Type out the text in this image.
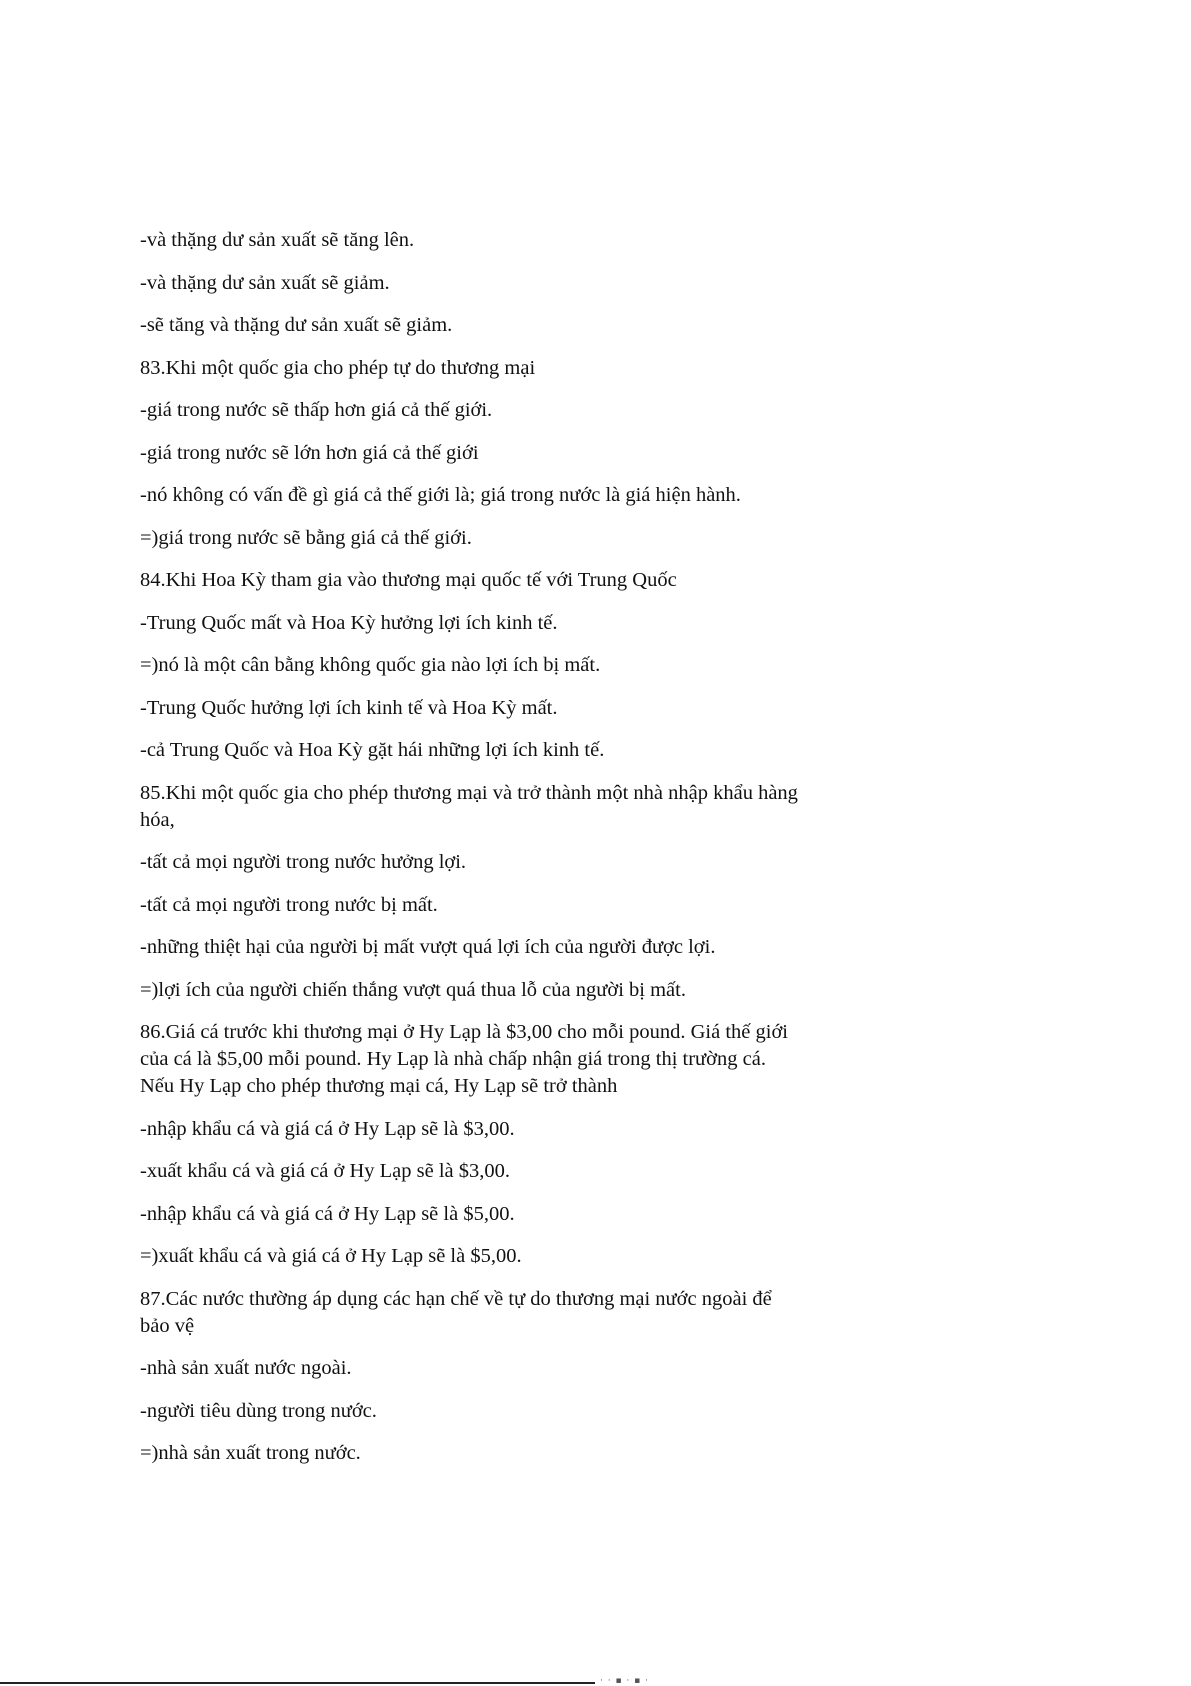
-và thặng dư sản xuất sẽ tăng lên.

-và thặng dư sản xuất sẽ giảm.

-sẽ tăng và thặng dư sản xuất sẽ giảm.

83.Khi một quốc gia cho phép tự do thương mại

-giá trong nước sẽ thấp hơn giá cả thế giới.

-giá trong nước sẽ lớn hơn giá cả thế giới

-nó không có vấn đề gì giá cả thế giới là; giá trong nước là giá hiện hành.

=)giá trong nước sẽ bằng giá cả thế giới.

84.Khi Hoa Kỳ tham gia vào thương mại quốc tế với Trung Quốc

-Trung Quốc mất và Hoa Kỳ hưởng lợi ích kinh tế.

=)nó là một cân bằng không quốc gia nào lợi ích bị mất.

-Trung Quốc hưởng lợi ích kinh tế và Hoa Kỳ mất.

-cả Trung Quốc và Hoa Kỳ gặt hái những lợi ích kinh tế.

85.Khi một quốc gia cho phép thương mại và trở thành một nhà nhập khẩu hàng hóa,

-tất cả mọi người trong nước hưởng lợi.

-tất cả mọi người trong nước bị mất.

-những thiệt hại của người bị mất vượt quá lợi ích của người được lợi.

=)lợi ích của người chiến thắng vượt quá thua lỗ của người bị mất.

86.Giá cá trước khi thương mại ở Hy Lạp là $3,00 cho mỗi pound. Giá thế giới của cá là $5,00 mỗi pound. Hy Lạp là nhà chấp nhận giá trong thị trường cá. Nếu Hy Lạp cho phép thương mại cá, Hy Lạp sẽ trở thành

-nhập khẩu cá và giá cá ở Hy Lạp sẽ là $3,00.

-xuất khẩu cá và giá cá ở Hy Lạp sẽ là $3,00.

-nhập khẩu cá và giá cá ở Hy Lạp sẽ là $5,00.

=)xuất khẩu cá và giá cá ở Hy Lạp sẽ là $5,00.

87.Các nước thường áp dụng các hạn chế về tự do thương mại nước ngoài để bảo vệ

-nhà sản xuất nước ngoài.

-người tiêu dùng trong nước.

=)nhà sản xuất trong nước.

· · ▪ · ▪ ·
